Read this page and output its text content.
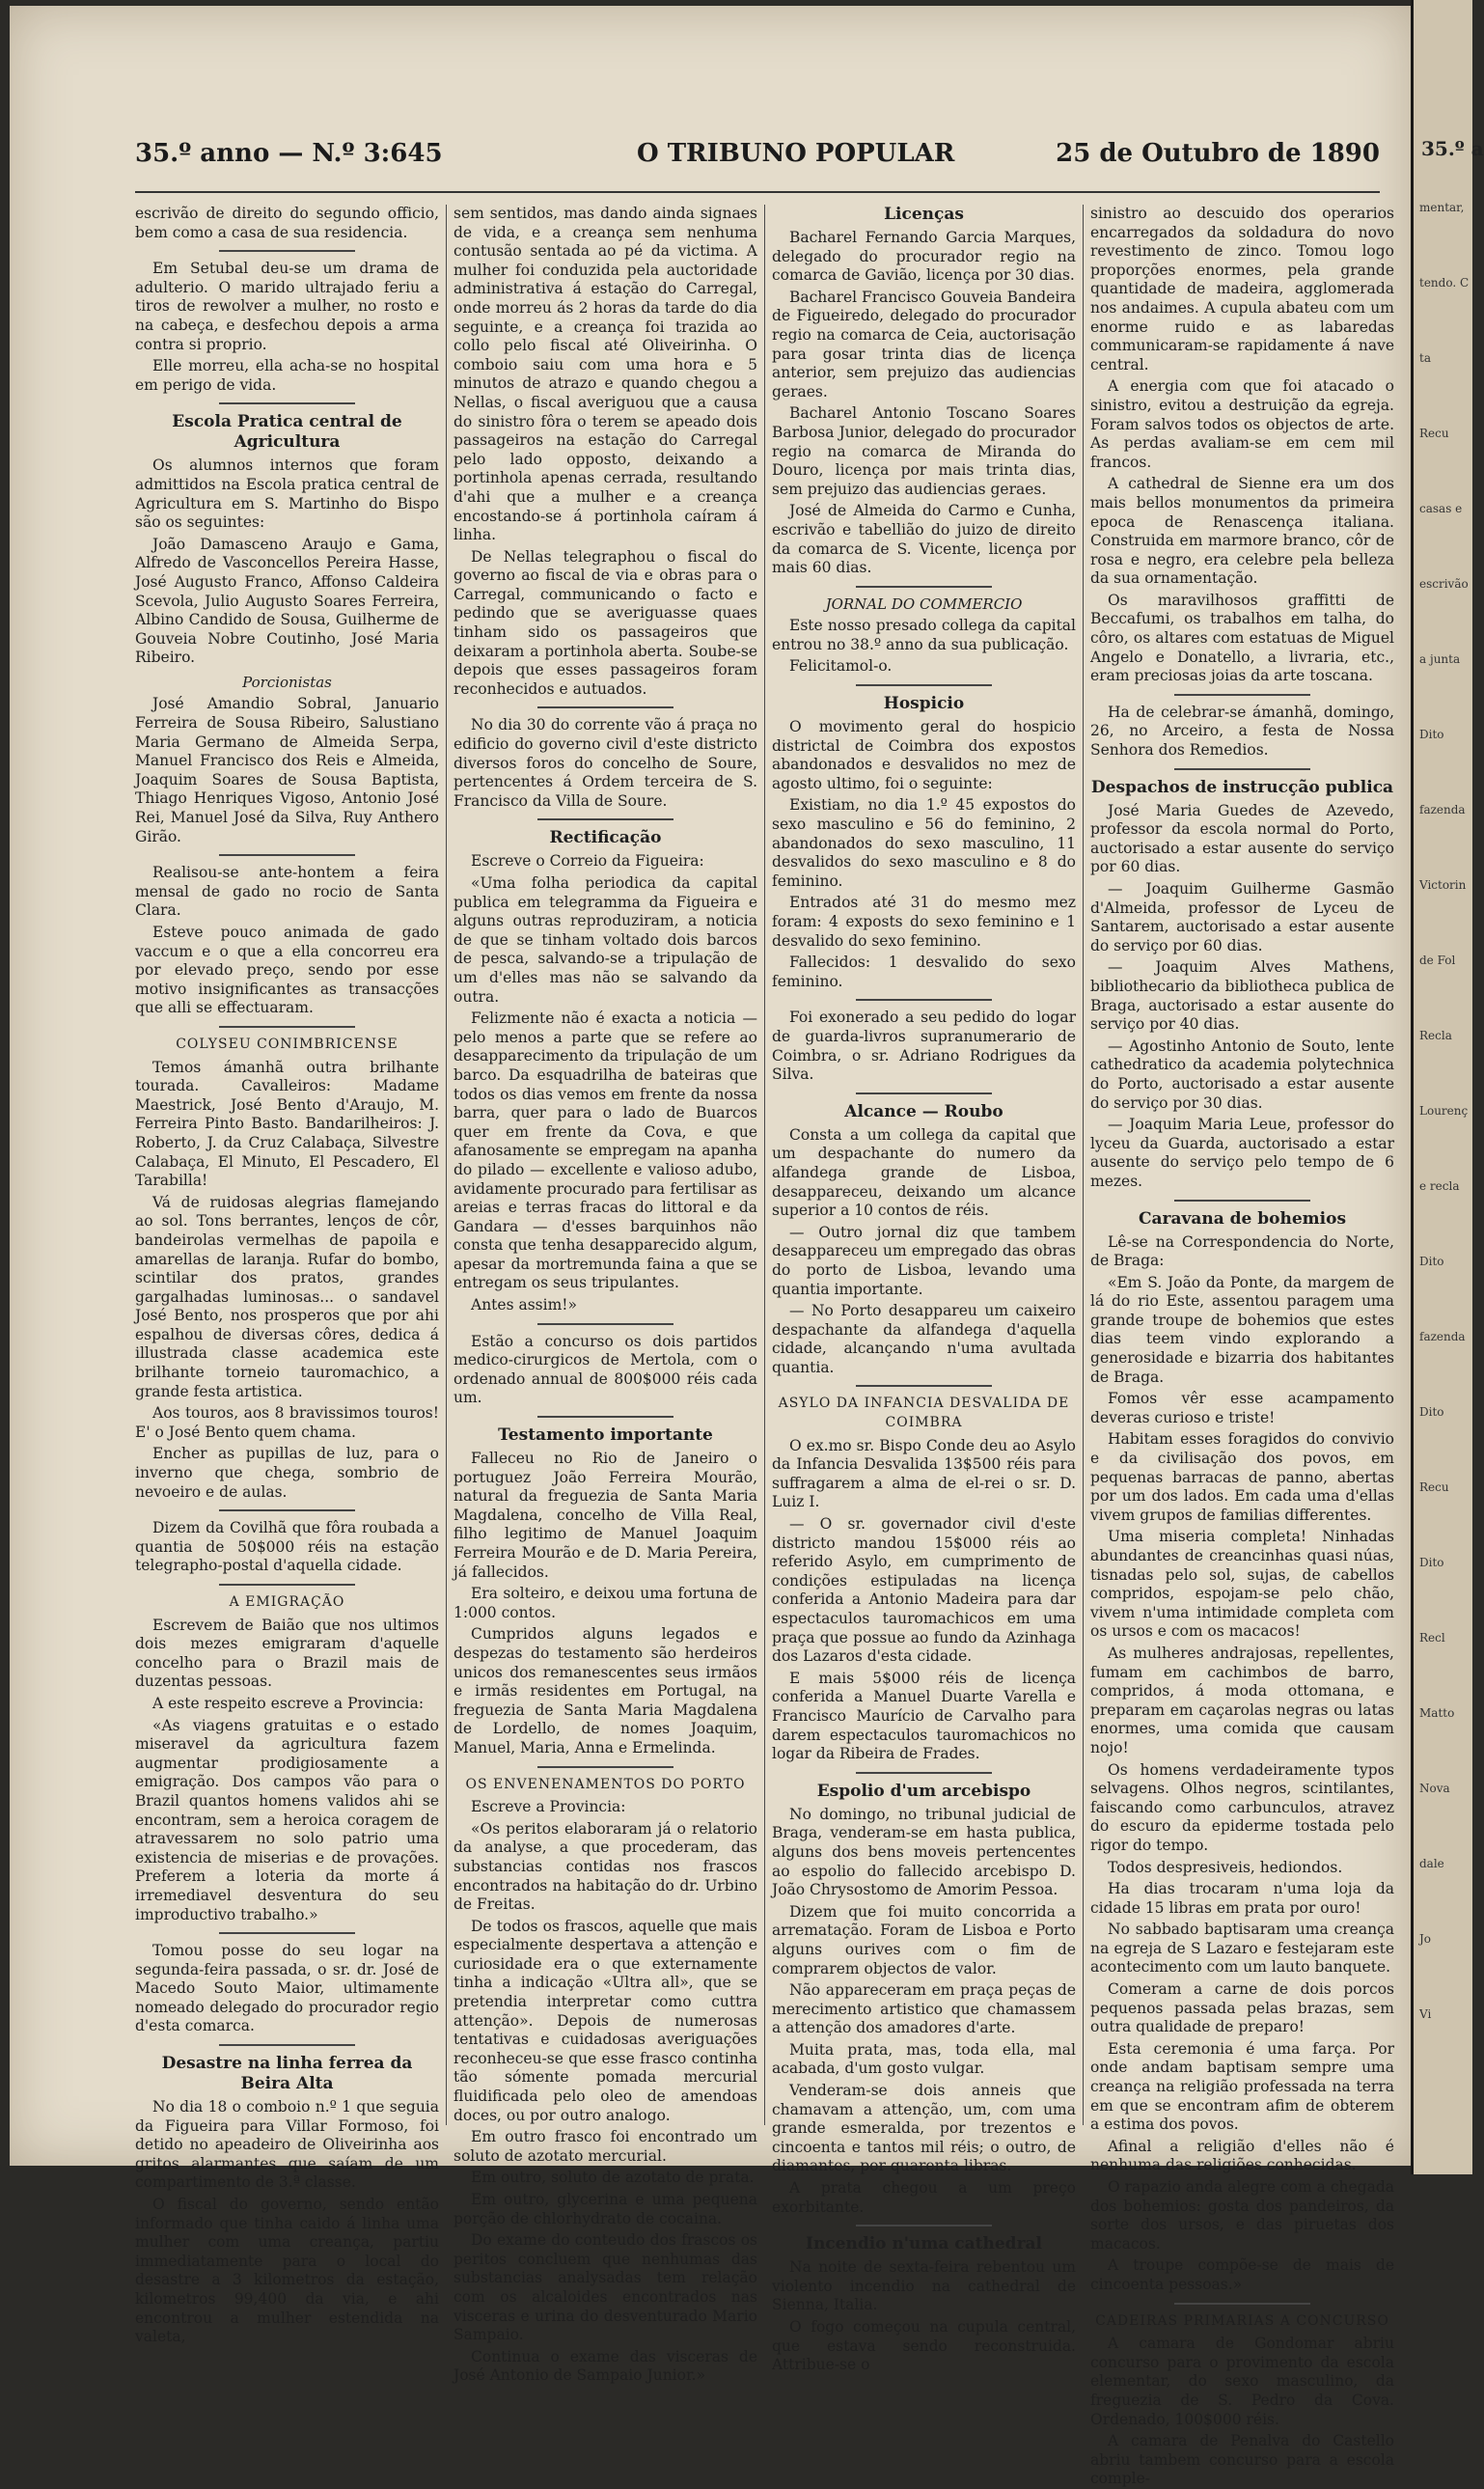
35.º anno — N.º 3:645	O TRIBUNO POPULAR	25 de Outubro de 1890

escrivão de direito do segundo officio, bem como a casa de sua residencia.

Em Setubal deu-se um drama de adulterio. O marido ultrajado feriu a tiros de rewolver a mulher, no rosto e na cabeça, e desfechou depois a arma contra si proprio.

Elle morreu, ella acha-se no hospital em perigo de vida.

Escola Pratica central de Agricultura

Os alumnos internos que foram admittidos na Escola pratica central de Agricultura em S. Martinho do Bispo são os seguintes:

João Damasceno Araujo e Gama, Alfredo de Vasconcellos Pereira Hasse, José Augusto Franco, Affonso Caldeira Scevola, Julio Augusto Soares Ferreira, Albino Candido de Sousa, Guilherme de Gouveia Nobre Coutinho, José Maria Ribeiro.

Porcionistas

José Amandio Sobral, Januario Ferreira de Sousa Ribeiro, Salustiano Maria Germano de Almeida Serpa, Manuel Francisco dos Reis e Almeida, Joaquim Soares de Sousa Baptista, Thiago Henriques Vigoso, Antonio José Rei, Manuel José da Silva, Ruy Anthero Girão.

Realisou-se ante-hontem a feira mensal de gado no rocio de Santa Clara.

Esteve pouco animada de gado vaccum e o que a ella concorreu era por elevado preço, sendo por esse motivo insignificantes as transacções que alli se effectuaram.

COLYSEU CONIMBRICENSE

Temos ámanhã outra brilhante tourada. Cavalleiros: Madame Maestrick, José Bento d'Araujo, M. Ferreira Pinto Basto. Bandarilheiros: J. Roberto, J. da Cruz Calabaça, Silvestre Calabaça, El Minuto, El Pescadero, El Tarabilla!

Vá de ruidosas alegrias flamejando ao sol. Tons berrantes, lenços de côr, bandeirolas vermelhas de papoila e amarellas de laranja. Rufar do bombo, scintilar dos pratos, grandes gargalhadas luminosas... o sandavel José Bento, nos prosperos que por ahi espalhou de diversas côres, dedica á illustrada classe academica este brilhante torneio tauromachico, a grande festa artistica.

Aos touros, aos 8 bravissimos touros! E' o José Bento quem chama.

Encher as pupillas de luz, para o inverno que chega, sombrio de nevoeiro e de aulas.

Dizem da Covilhã que fôra roubada a quantia de 50$000 réis na estação telegrapho-postal d'aquella cidade.

A EMIGRAÇÃO

Escrevem de Baião que nos ultimos dois mezes emigraram d'aquelle concelho para o Brazil mais de duzentas pessoas.

A este respeito escreve a Provincia:

«As viagens gratuitas e o estado miseravel da agricultura fazem augmentar prodigiosamente a emigração. Dos campos vão para o Brazil quantos homens validos ahi se encontram, sem a heroica coragem de atravessarem no solo patrio uma existencia de miserias e de provações. Preferem a loteria da morte á irremediavel desventura do seu improductivo trabalho.»

Tomou posse do seu logar na segunda-feira passada, o sr. dr. José de Macedo Souto Maior, ultimamente nomeado delegado do procurador regio d'esta comarca.

Desastre na linha ferrea da Beira Alta

No dia 18 o comboio n.º 1 que seguia da Figueira para Villar Formoso, foi detido no apeadeiro de Oliveirinha aos gritos alarmantes que saíam de um compartimento de 3.ª classe.

O fiscal do governo, sendo então informado que tinha caido á linha uma mulher com uma creança, partiu immediatamente para o local do desastre a 3 kilometros da estação, kilometros 99,400 da via, e ahi encontrou a mulher estendida na valeta,

sem sentidos, mas dando ainda signaes de vida, e a creança sem nenhuma contusão sentada ao pé da victima. A mulher foi conduzida pela auctoridade administrativa á estação do Carregal, onde morreu ás 2 horas da tarde do dia seguinte, e a creança foi trazida ao collo pelo fiscal até Oliveirinha. O comboio saiu com uma hora e 5 minutos de atrazo e quando chegou a Nellas, o fiscal averiguou que a causa do sinistro fôra o terem se apeado dois passageiros na estação do Carregal pelo lado opposto, deixando a portinhola apenas cerrada, resultando d'ahi que a mulher e a creança encostando-se á portinhola caíram á linha.

De Nellas telegraphou o fiscal do governo ao fiscal de via e obras para o Carregal, communicando o facto e pedindo que se averiguasse quaes tinham sido os passageiros que deixaram a portinhola aberta. Soube-se depois que esses passageiros foram reconhecidos e autuados.

No dia 30 do corrente vão á praça no edificio do governo civil d'este districto diversos foros do concelho de Soure, pertencentes á Ordem terceira de S. Francisco da Villa de Soure.

Rectificação

Escreve o Correio da Figueira:

«Uma folha periodica da capital publica em telegramma da Figueira e alguns outras reproduziram, a noticia de que se tinham voltado dois barcos de pesca, salvando-se a tripulação de um d'elles mas não se salvando da outra.

Felizmente não é exacta a noticia — pelo menos a parte que se refere ao desapparecimento da tripulação de um barco. Da esquadrilha de bateiras que todos os dias vemos em frente da nossa barra, quer para o lado de Buarcos quer em frente da Cova, e que afanosamente se empregam na apanha do pilado — excellente e valioso adubo, avidamente procurado para fertilisar as areias e terras fracas do littoral e da Gandara — d'esses barquinhos não consta que tenha desapparecido algum, apesar da mortremunda faina a que se entregam os seus tripulantes.

Antes assim!»

Estão a concurso os dois partidos medico-cirurgicos de Mertola, com o ordenado annual de 800$000 réis cada um.

Testamento importante

Falleceu no Rio de Janeiro o portuguez João Ferreira Mourão, natural da freguezia de Santa Maria Magdalena, concelho de Villa Real, filho legitimo de Manuel Joaquim Ferreira Mourão e de D. Maria Pereira, já fallecidos.

Era solteiro, e deixou uma fortuna de 1:000 contos.

Cumpridos alguns legados e despezas do testamento são herdeiros unicos dos remanescentes seus irmãos e irmãs residentes em Portugal, na freguezia de Santa Maria Magdalena de Lordello, de nomes Joaquim, Manuel, Maria, Anna e Ermelinda.

OS ENVENENAMENTOS DO PORTO

Escreve a Provincia:

«Os peritos elaboraram já o relatorio da analyse, a que procederam, das substancias contidas nos frascos encontrados na habitação do dr. Urbino de Freitas.

De todos os frascos, aquelle que mais especialmente despertava a attenção e curiosidade era o que externamente tinha a indicação «Ultra all», que se pretendia interpretar como cuttra attenção». Depois de numerosas tentativas e cuidadosas averiguações reconheceu-se que esse frasco continha tão sómente pomada mercurial fluidificada pelo oleo de amendoas doces, ou por outro analogo.

Em outro frasco foi encontrado um soluto de azotato mercurial.

Em outro, soluto de azotato de prata.

Em outro, glycerina e uma pequena porção de chlorhydrato de cocaina.

Do exame do conteudo dos frascos os peritos concluem que nenhumas das substancias analysadas tem relação com os alcaloides encontrados nas visceras e urina do desventurado Mario Sampaio.

Continua o exame das visceras de José Antonio de Sampaio Junior.»

Licenças

Bacharel Fernando Garcia Marques, delegado do procurador regio na comarca de Gavião, licença por 30 dias.

Bacharel Francisco Gouveia Bandeira de Figueiredo, delegado do procurador regio na comarca de Ceia, auctorisação para gosar trinta dias de licença anterior, sem prejuizo das audiencias geraes.

Bacharel Antonio Toscano Soares Barbosa Junior, delegado do procurador regio na comarca de Miranda do Douro, licença por mais trinta dias, sem prejuizo das audiencias geraes.

José de Almeida do Carmo e Cunha, escrivão e tabellião do juizo de direito da comarca de S. Vicente, licença por mais 60 dias.

JORNAL DO COMMERCIO

Este nosso presado collega da capital entrou no 38.º anno da sua publicação.

Felicitamol-o.

Hospicio

O movimento geral do hospicio districtal de Coimbra dos expostos abandonados e desvalidos no mez de agosto ultimo, foi o seguinte:

Existiam, no dia 1.º 45 expostos do sexo masculino e 56 do feminino, 2 abandonados do sexo masculino, 11 desvalidos do sexo masculino e 8 do feminino.

Entrados até 31 do mesmo mez foram: 4 exposts do sexo feminino e 1 desvalido do sexo feminino.

Fallecidos: 1 desvalido do sexo feminino.

Foi exonerado a seu pedido do logar de guarda-livros supranumerario de Coimbra, o sr. Adriano Rodrigues da Silva.

Alcance — Roubo

Consta a um collega da capital que um despachante do numero da alfandega grande de Lisboa, desappareceu, deixando um alcance superior a 10 contos de réis.

— Outro jornal diz que tambem desappareceu um empregado das obras do porto de Lisboa, levando uma quantia importante.

— No Porto desappareu um caixeiro despachante da alfandega d'aquella cidade, alcançando n'uma avultada quantia.

ASYLO DA INFANCIA DESVALIDA DE COIMBRA

O ex.mo sr. Bispo Conde deu ao Asylo da Infancia Desvalida 13$500 réis para suffragarem a alma de el-rei o sr. D. Luiz I.

— O sr. governador civil d'este districto mandou 15$000 réis ao referido Asylo, em cumprimento de condições estipuladas na licença conferida a Antonio Madeira para dar espectaculos tauromachicos em uma praça que possue ao fundo da Azinhaga dos Lazaros d'esta cidade.

E mais 5$000 réis de licença conferida a Manuel Duarte Varella e Francisco Maurício de Carvalho para darem espectaculos tauromachicos no logar da Ribeira de Frades.

Espolio d'um arcebispo

No domingo, no tribunal judicial de Braga, venderam-se em hasta publica, alguns dos bens moveis pertencentes ao espolio do fallecido arcebispo D. João Chrysostomo de Amorim Pessoa.

Dizem que foi muito concorrida a arrematação. Foram de Lisboa e Porto alguns ourives com o fim de comprarem objectos de valor.

Não appareceram em praça peças de merecimento artistico que chamassem a attenção dos amadores d'arte.

Muita prata, mas, toda ella, mal acabada, d'um gosto vulgar.

Venderam-se dois anneis que chamavam a attenção, um, com uma grande esmeralda, por trezentos e cincoenta e tantos mil réis; o outro, de diamantes, por quarenta libras.

A prata chegou a um preço exorbitante.

Incendio n'uma cathedral

Na noite de sexta-feira rebentou um violento incendio na cathedral de Sienna, Italia.

O fogo começou na cupula central, que estava sendo reconstruida. Attribue-se o

sinistro ao descuido dos operarios encarregados da soldadura do novo revestimento de zinco. Tomou logo proporções enormes, pela grande quantidade de madeira, agglomerada nos andaimes. A cupula abateu com um enorme ruido e as labaredas communicaram-se rapidamente á nave central.

A energia com que foi atacado o sinistro, evitou a destruição da egreja. Foram salvos todos os objectos de arte. As perdas avaliam-se em cem mil francos.

A cathedral de Sienne era um dos mais bellos monumentos da primeira epoca de Renascença italiana. Construida em marmore branco, côr de rosa e negro, era celebre pela belleza da sua ornamentação.

Os maravilhosos graffitti de Beccafumi, os trabalhos em talha, do côro, os altares com estatuas de Miguel Angelo e Donatello, a livraria, etc., eram preciosas joias da arte toscana.

Ha de celebrar-se ámanhã, domingo, 26, no Arceiro, a festa de Nossa Senhora dos Remedios.

Despachos de instrucção publica

José Maria Guedes de Azevedo, professor da escola normal do Porto, auctorisado a estar ausente do serviço por 60 dias.

— Joaquim Guilherme Gasmão d'Almeida, professor de Lyceu de Santarem, auctorisado a estar ausente do serviço por 60 dias.

— Joaquim Alves Mathens, bibliothecario da bibliotheca publica de Braga, auctorisado a estar ausente do serviço por 40 dias.

— Agostinho Antonio de Souto, lente cathedratico da academia polytechnica do Porto, auctorisado a estar ausente do serviço por 30 dias.

— Joaquim Maria Leue, professor do lyceu da Guarda, auctorisado a estar ausente do serviço pelo tempo de 6 mezes.

Caravana de bohemios

Lê-se na Correspondencia do Norte, de Braga:

«Em S. João da Ponte, da margem de lá do rio Este, assentou paragem uma grande troupe de bohemios que estes dias teem vindo explorando a generosidade e bizarria dos habitantes de Braga.

Fomos vêr esse acampamento deveras curioso e triste!

Habitam esses foragidos do convivio e da civilisação dos povos, em pequenas barracas de panno, abertas por um dos lados. Em cada uma d'ellas vivem grupos de familias differentes.

Uma miseria completa! Ninhadas abundantes de creancinhas quasi núas, tisnadas pelo sol, sujas, de cabellos compridos, espojam-se pelo chão, vivem n'uma intimidade completa com os ursos e com os macacos!

As mulheres andrajosas, repellentes, fumam em cachimbos de barro, compridos, á moda ottomana, e preparam em caçarolas negras ou latas enormes, uma comida que causam nojo!

Os homens verdadeiramente typos selvagens. Olhos negros, scintilantes, faiscando como carbunculos, atravez do escuro da epiderme tostada pelo rigor do tempo.

Todos despresiveis, hediondos.

Ha dias trocaram n'uma loja da cidade 15 libras em prata por ouro!

No sabbado baptisaram uma creança na egreja de S Lazaro e festejaram este acontecimento com um lauto banquete.

Comeram a carne de dois porcos pequenos passada pelas brazas, sem outra qualidade de preparo!

Esta ceremonia é uma farça. Por onde andam baptisam sempre uma creança na religião professada na terra em que se encontram afim de obterem a estima dos povos.

Afinal a religião d'elles não é nenhuma das religiões conhecidas.

O rapazio anda alegre com a chegada dos bohemios: gosta dos pandeiros, da sorte dos ursos, e das piruetas dos macacos.

A troupe compõe-se de mais de cincoenta pessoas.»

CADEIRAS PRIMARIAS A CONCURSO

A camara de Gondomar abriu concurso para o provimento da escola elementar, do sexo masculino, da freguezia de S. Pedro da Cova. Ordenado, 100$000 réis.

A camara de Penalva do Castello abriu tambem concurso para a escola comple-

35.º a
mentar,
tendo. C
ta
Recu
casas e
escrivão
a junta
Dito
fazenda
Victorin
de Fol
Recla
Lourenç
e recla
Dito
fazenda
Dito
Recu
Dito
Recl
Matto
Nova
dale
Jo
Vi
